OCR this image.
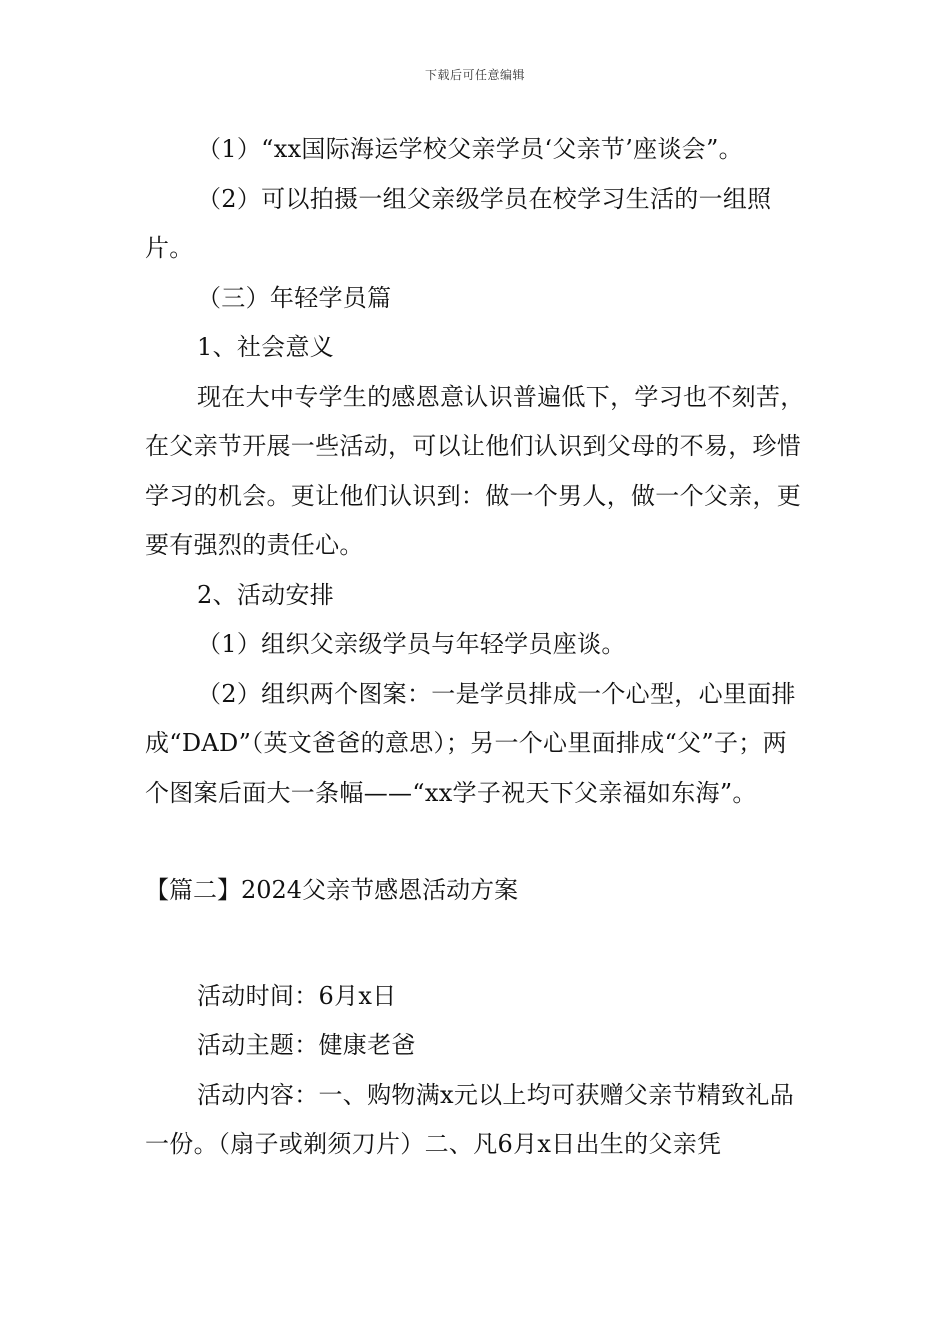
下载后可任意编辑

（1）“xx国际海运学校父亲学员‘父亲节’座谈会”。

（2）可以拍摄一组父亲级学员在校学习生活的一组照片。

（三）年轻学员篇

1、社会意义

现在大中专学生的感恩意认识普遍低下，学习也不刻苦，在父亲节开展一些活动，可以让他们认识到父母的不易，珍惜学习的机会。更让他们认识到：做一个男人，做一个父亲，更要有强烈的责任心。

2、活动安排

（1）组织父亲级学员与年轻学员座谈。

（2）组织两个图案：一是学员排成一个心型，心里面排成“DAD”（英文爸爸的意思）；另一个心里面排成“父”子；两个图案后面大一条幅——“xx学子祝天下父亲福如东海”。

【篇二】2024父亲节感恩活动方案

活动时间：6月x日

活动主题：健康老爸

活动内容：一、购物满x元以上均可获赠父亲节精致礼品一份。（扇子或剃须刀片）二、凡6月x日出生的父亲凭
